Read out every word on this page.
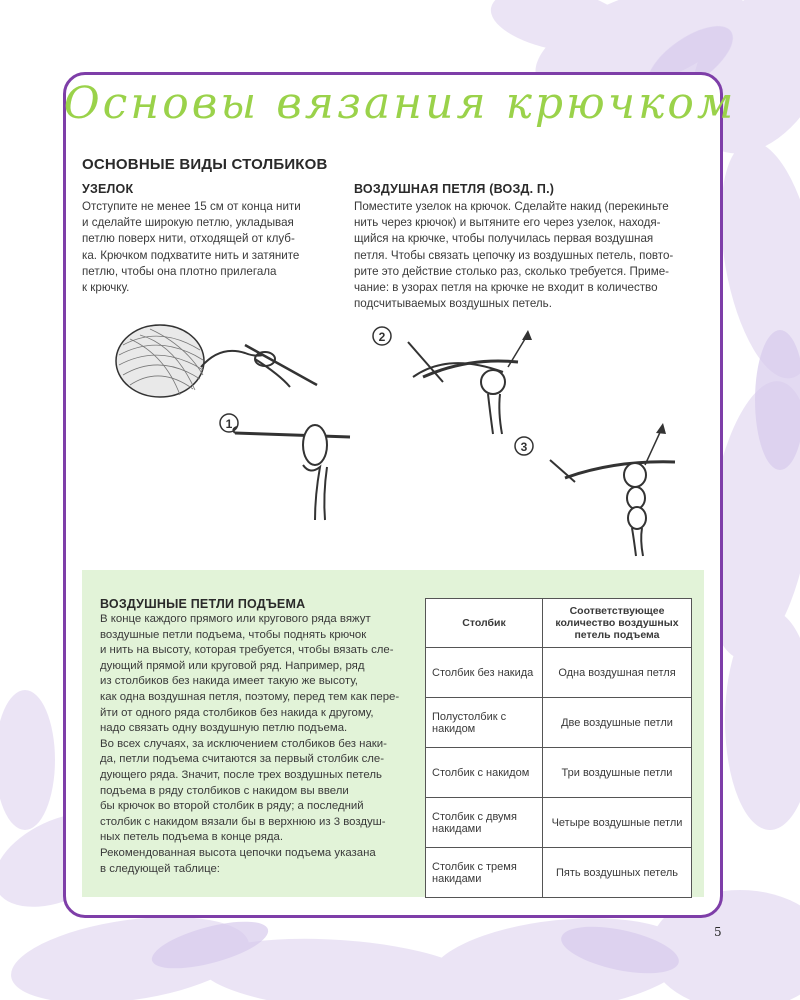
Основы вязания крючком
ОСНОВНЫЕ ВИДЫ СТОЛБИКОВ
УЗЕЛОК
Отступите не менее 15 см от конца нити
и сделайте широкую петлю, укладывая
петлю поверх нити, отходящей от клуб-
ка. Крючком подхватите нить и затяните
петлю, чтобы она плотно прилегала
к крючку.
ВОЗДУШНАЯ ПЕТЛЯ (ВОЗД. П.)
Поместите узелок на крючок. Сделайте накид (перекиньте
нить через крючок) и вытяните его через узелок, находя-
щийся на крючке, чтобы получилась первая воздушная
петля. Чтобы связать цепочку из воздушных петель, повто-
рите это действие столько раз, сколько требуется. Приме-
чание: в узорах петля на крючке не входит в количество
подсчитываемых воздушных петель.
1
2
3
ВОЗДУШНЫЕ ПЕТЛИ ПОДЪЕМА
В конце каждого прямого или кругового ряда вяжут
воздушные петли подъема, чтобы поднять крючок
и нить на высоту, которая требуется, чтобы вязать сле-
дующий прямой или круговой ряд. Например, ряд
из столбиков без накида имеет такую же высоту,
как одна воздушная петля, поэтому, перед тем как пере-
йти от одного ряда столбиков без накида к другому,
надо связать одну воздушную петлю подъема.
Во всех случаях, за исключением столбиков без наки-
да, петли подъема считаются за первый столбик сле-
дующего ряда. Значит, после трех воздушных петель
подъема в ряду столбиков с накидом вы ввели
бы крючок во второй столбик в ряду; а последний
столбик с накидом вязали бы в верхнюю из 3 воздуш-
ных петель подъема в конце ряда.
Рекомендованная высота цепочки подъема указана
в следующей таблице:
Столбик	Соответствующее количество воздушных петель подъема
Столбик без накида	Одна воздушная петля
Полустолбик с накидом	Две воздушные петли
Столбик с накидом	Три воздушные петли
Столбик с двумя накидами	Четыре воздушные петли
Столбик с тремя накидами	Пять воздушных петель
5
